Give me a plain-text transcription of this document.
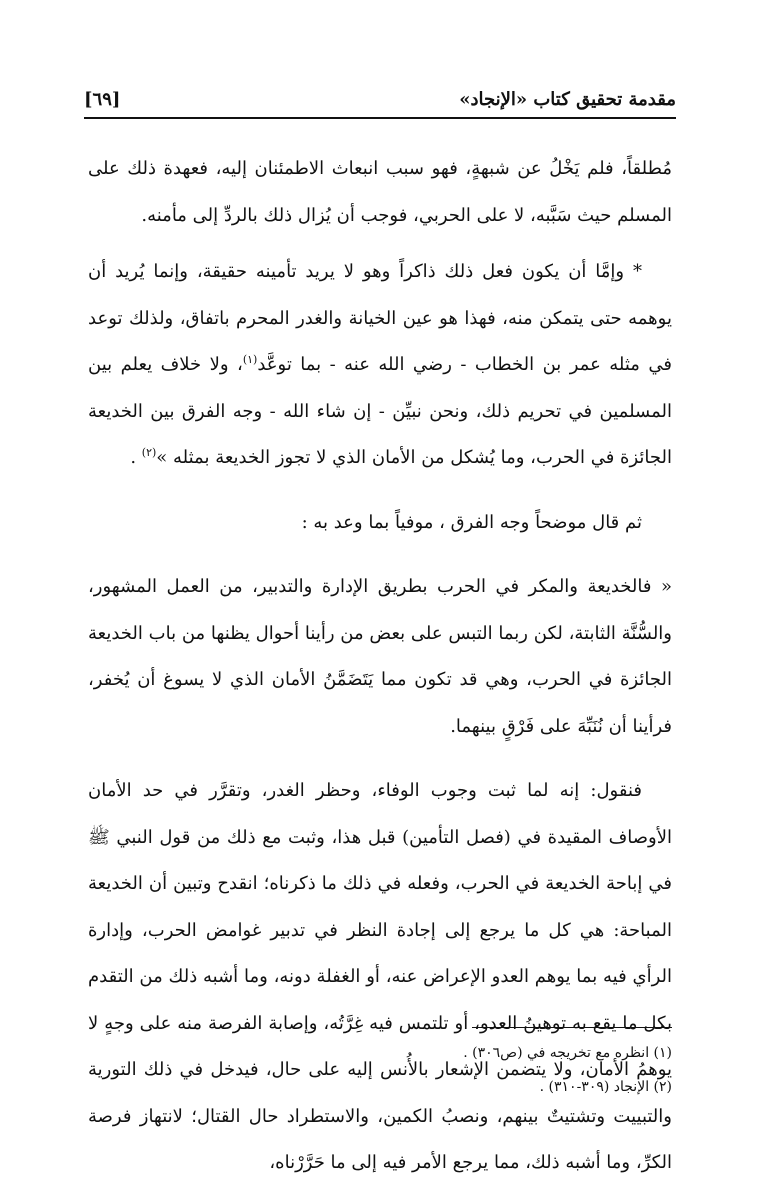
مقدمة تحقيق كتاب «الإنجاد»
[٦٩]

مُطلقاً، فلم يَخْلُ عن شبهةٍ، فهو سبب انبعاث الاطمئنان إليه، فعهدة ذلك على المسلم حيث سَبَّبه، لا على الحربي، فوجب أن يُزال ذلك بالردِّ إلى مأمنه.

* وإمَّا أن يكون فعل ذلك ذاكراً وهو لا يريد تأمينه حقيقة، وإنما يُريد أن يوهمه حتى يتمكن منه، فهذا هو عين الخيانة والغدر المحرم باتفاق، ولذلك توعد في مثله عمر بن الخطاب - رضي الله عنه - بما توعَّد$^{(١)}$، ولا خلاف يعلم بين المسلمين في تحريم ذلك، ونحن نبيِّن - إن شاء الله - وجه الفرق بين الخديعة الجائزة في الحرب، وما يُشكل من الأمان الذي لا تجوز الخديعة بمثله »$^{(٢)}$ .

ثم قال موضحاً وجه الفرق ، موفياً بما وعد به :

« فالخديعة والمكر في الحرب بطريق الإدارة والتدبير، من العمل المشهور، والسُّنَّة الثابتة، لكن ربما التبس على بعض من رأينا أحوال يظنها من باب الخديعة الجائزة في الحرب، وهي قد تكون مما يَتَضَمَّنُ الأمان الذي لا يسوغ أن يُخفر، فرأينا أن نُنَبِّهَ على فَرْقٍ بينهما.

فنقول: إنه لما ثبت وجوب الوفاء، وحظر الغدر، وتقرَّر في حد الأمان الأوصاف المقيدة في (فصل التأمين) قبل هذا، وثبت مع ذلك من قول النبي ﷺ في إباحة الخديعة في الحرب، وفعله في ذلك ما ذكرناه؛ انقدح وتبين أن الخديعة المباحة: هي كل ما يرجع إلى إجادة النظر في تدبير غوامض الحرب، وإدارة الرأي فيه بما يوهم العدو الإعراض عنه، أو الغفلة دونه، وما أشبه ذلك من التقدم بكل ما يقع به توهينُ العدو، أو تلتمس فيه غِرَّتُه، وإصابة الفرصة منه على وجهٍ لا يوهمُ الأمان، ولا يتضمن الإشعار بالأُنس إليه على حال، فيدخل في ذلك التورية والتبييت وتشتيتٌ بينهم، ونصبُ الكمين، والاستطراد حال القتال؛ لانتهاز فرصة الكرِّ، وما أشبه ذلك، مما يرجع الأمر فيه إلى ما حَرَّرْناه،

(١) انظره مع تخريجه في (ص٣٠٦) .

(٢) الإنجاد (٣٠٩-٣١٠) .
